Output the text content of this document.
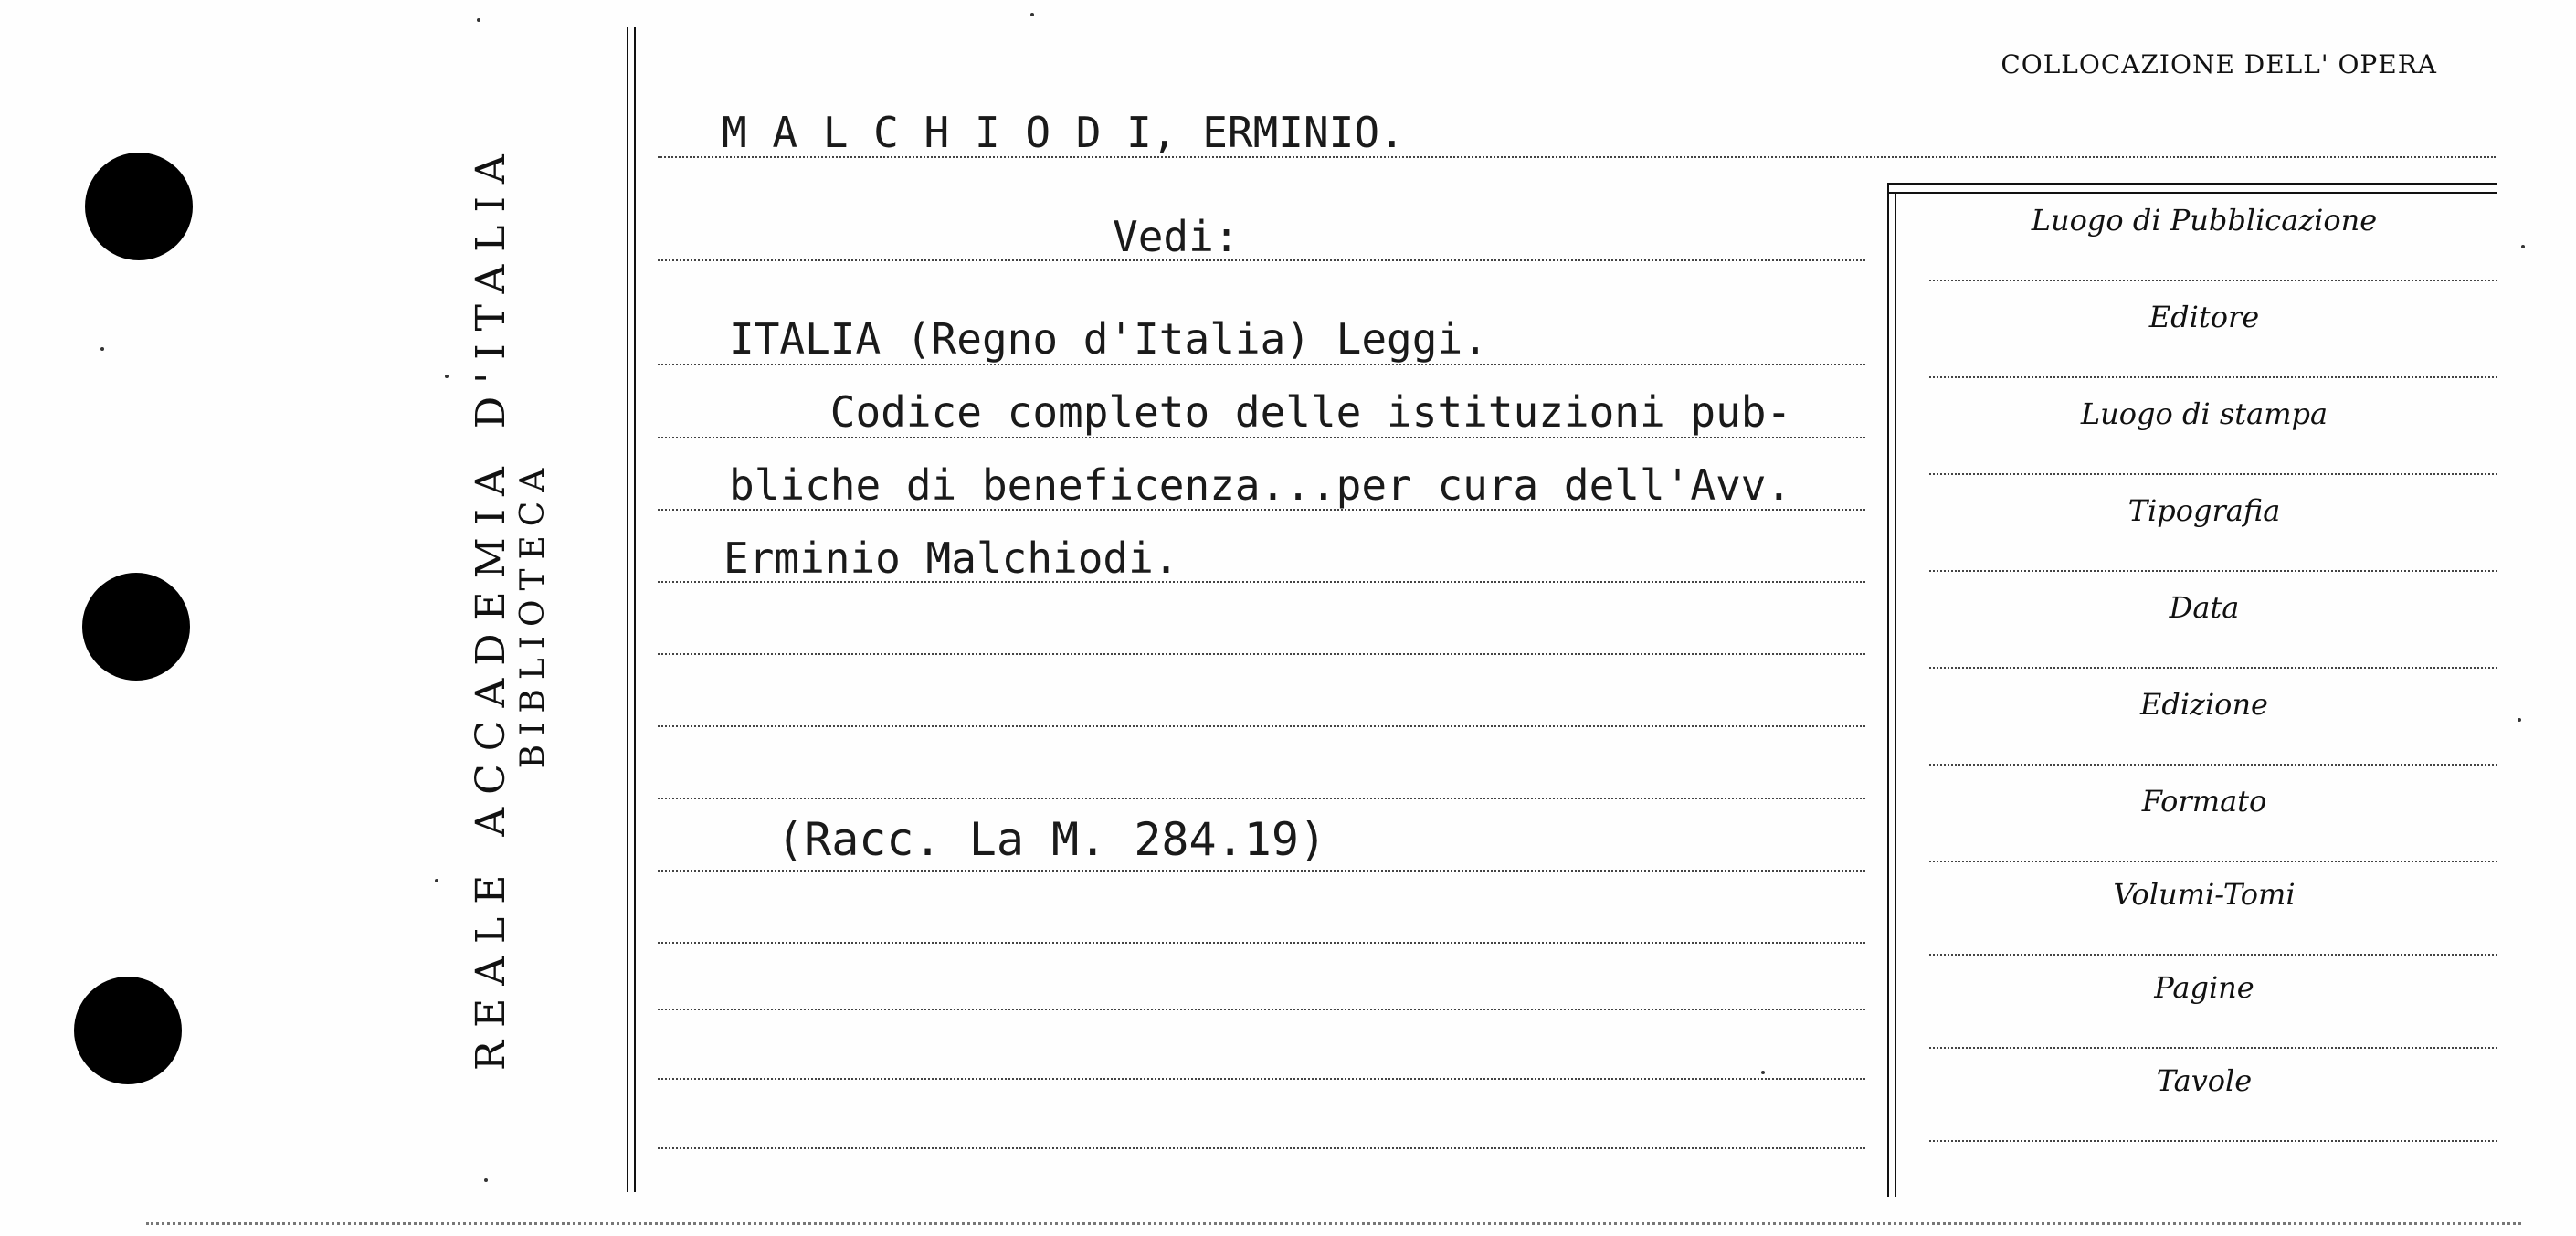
REALE ACCADEMIA D'ITALIA BIBLIOTECA
COLLOCAZIONE DELL' OPERA
M A L C H I O D I, ERMINIO.
Vedi:
ITALIA (Regno d'Italia) Leggi.
Codice completo delle istituzioni pub-
bliche di beneficenza...per cura dell'Avv.
Erminio Malchiodi.
(Racc. La M. 284.19)
Luogo di Pubblicazione
Editore
Luogo di stampa
Tipografia
Data
Edizione
Formato
Volumi-Tomi
Pagine
Tavole
